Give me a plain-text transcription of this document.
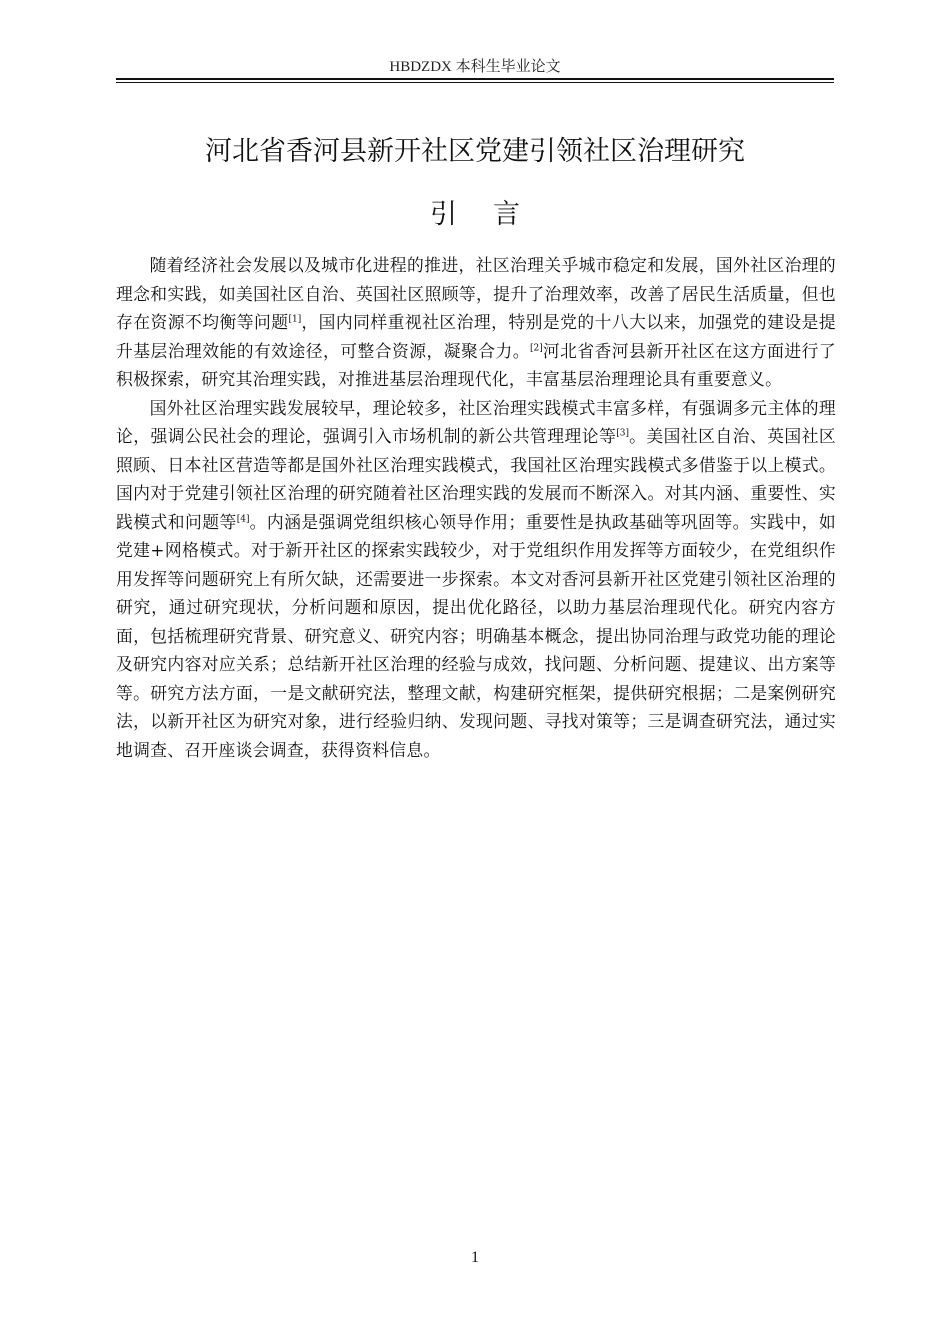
HBDZDX 本科生毕业论文
河北省香河县新开社区党建引领社区治理研究
引言

随着经济社会发展以及城市化进程的推进，社区治理关乎城市稳定和发展，国外社区治理的理念和实践，如美国社区自治、英国社区照顾等，提升了治理效率，改善了居民生活质量，但也存在资源不均衡等问题[1]，国内同样重视社区治理，特别是党的十八大以来，加强党的建设是提升基层治理效能的有效途径，可整合资源，凝聚合力。[2]河北省香河县新开社区在这方面进行了积极探索，研究其治理实践，对推进基层治理现代化，丰富基层治理理论具有重要意义。

国外社区治理实践发展较早，理论较多，社区治理实践模式丰富多样，有强调多元主体的理论，强调公民社会的理论，强调引入市场机制的新公共管理理论等[3]。美国社区自治、英国社区照顾、日本社区营造等都是国外社区治理实践模式，我国社区治理实践模式多借鉴于以上模式。国内对于党建引领社区治理的研究随着社区治理实践的发展而不断深入。对其内涵、重要性、实践模式和问题等[4]。内涵是强调党组织核心领导作用；重要性是执政基础等巩固等。实践中，如党建+网格模式。对于新开社区的探索实践较少，对于党组织作用发挥等方面较少，在党组织作用发挥等问题研究上有所欠缺，还需要进一步探索。本文对香河县新开社区党建引领社区治理的研究，通过研究现状，分析问题和原因，提出优化路径，以助力基层治理现代化。研究内容方面，包括梳理研究背景、研究意义、研究内容；明确基本概念，提出协同治理与政党功能的理论及研究内容对应关系；总结新开社区治理的经验与成效，找问题、分析问题、提建议、出方案等等。研究方法方面，一是文献研究法，整理文献，构建研究框架，提供研究根据；二是案例研究法，以新开社区为研究对象，进行经验归纳、发现问题、寻找对策等；三是调查研究法，通过实地调查、召开座谈会调查，获得资料信息。

1
